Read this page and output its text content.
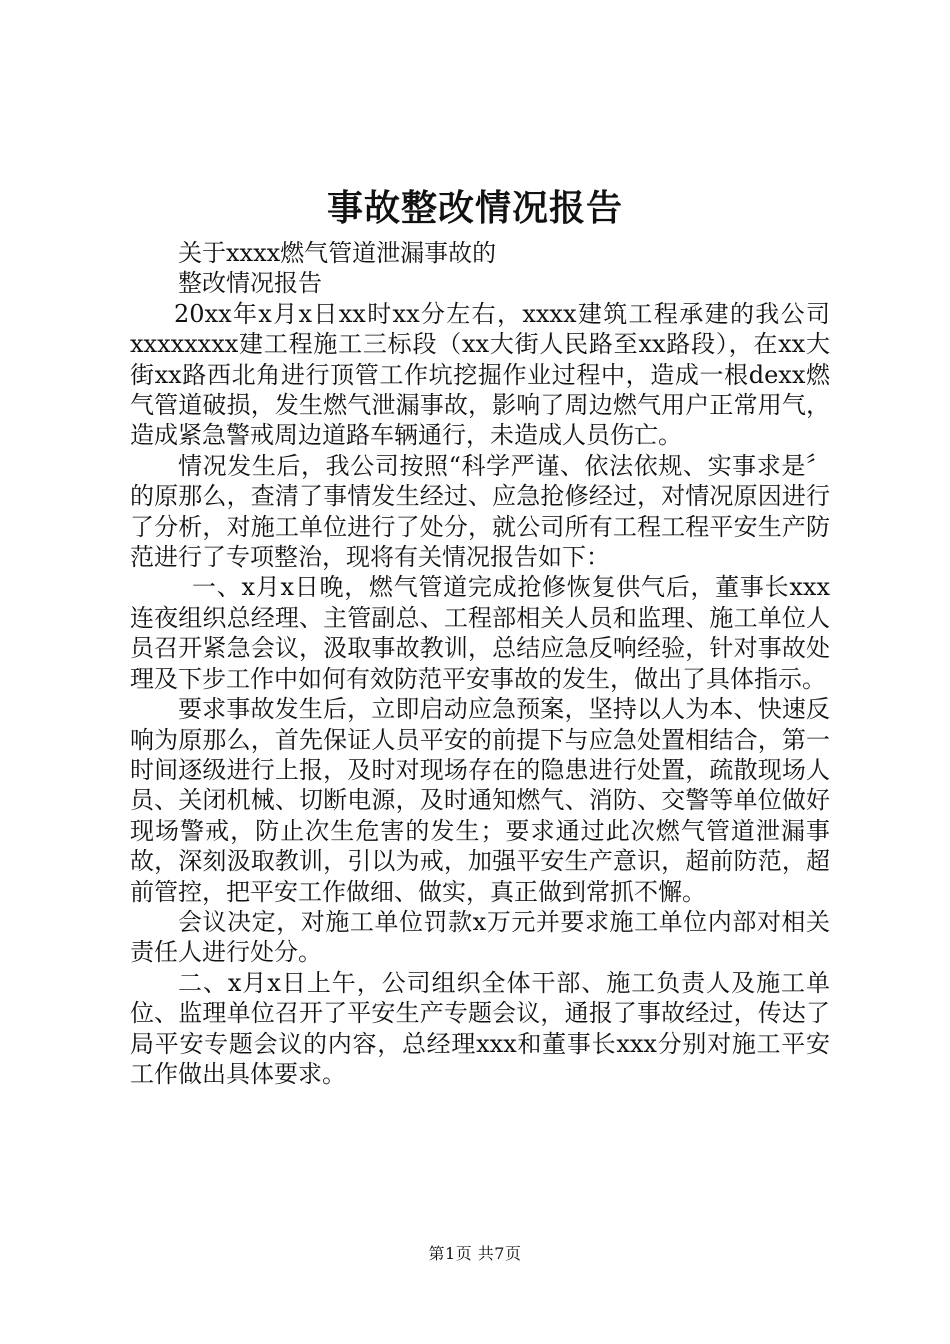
事故整改情况报告

关于xxxx燃气管道泄漏事故的

整改情况报告

20xx年x月x日xx时xx分左右，xxxx建筑工程承建的我公司xxxxxxxx建工程施工三标段（xx大街人民路至xx路段），在xx大街xx路西北角进行顶管工作坑挖掘作业过程中，造成一根dexx燃气管道破损，发生燃气泄漏事故，影响了周边燃气用户正常用气，造成紧急警戒周边道路车辆通行，未造成人员伤亡。

情况发生后，我公司按照“科学严谨、依法依规、实事求是〞的原那么，查清了事情发生经过、应急抢修经过，对情况原因进行了分析，对施工单位进行了处分，就公司所有工程工程平安生产防范进行了专项整治，现将有关情况报告如下：

一、x月x日晚，燃气管道完成抢修恢复供气后，董事长xxx连夜组织总经理、主管副总、工程部相关人员和监理、施工单位人员召开紧急会议，汲取事故教训，总结应急反响经验，针对事故处理及下步工作中如何有效防范平安事故的发生，做出了具体指示。

要求事故发生后，立即启动应急预案，坚持以人为本、快速反响为原那么，首先保证人员平安的前提下与应急处置相结合，第一时间逐级进行上报，及时对现场存在的隐患进行处置，疏散现场人员、关闭机械、切断电源，及时通知燃气、消防、交警等单位做好现场警戒，防止次生危害的发生；要求通过此次燃气管道泄漏事故，深刻汲取教训，引以为戒，加强平安生产意识，超前防范，超前管控，把平安工作做细、做实，真正做到常抓不懈。

会议决定，对施工单位罚款x万元并要求施工单位内部对相关责任人进行处分。

二、x月x日上午，公司组织全体干部、施工负责人及施工单位、监理单位召开了平安生产专题会议，通报了事故经过，传达了局平安专题会议的内容，总经理xxx和董事长xxx分别对施工平安工作做出具体要求。

第1页 共7页
